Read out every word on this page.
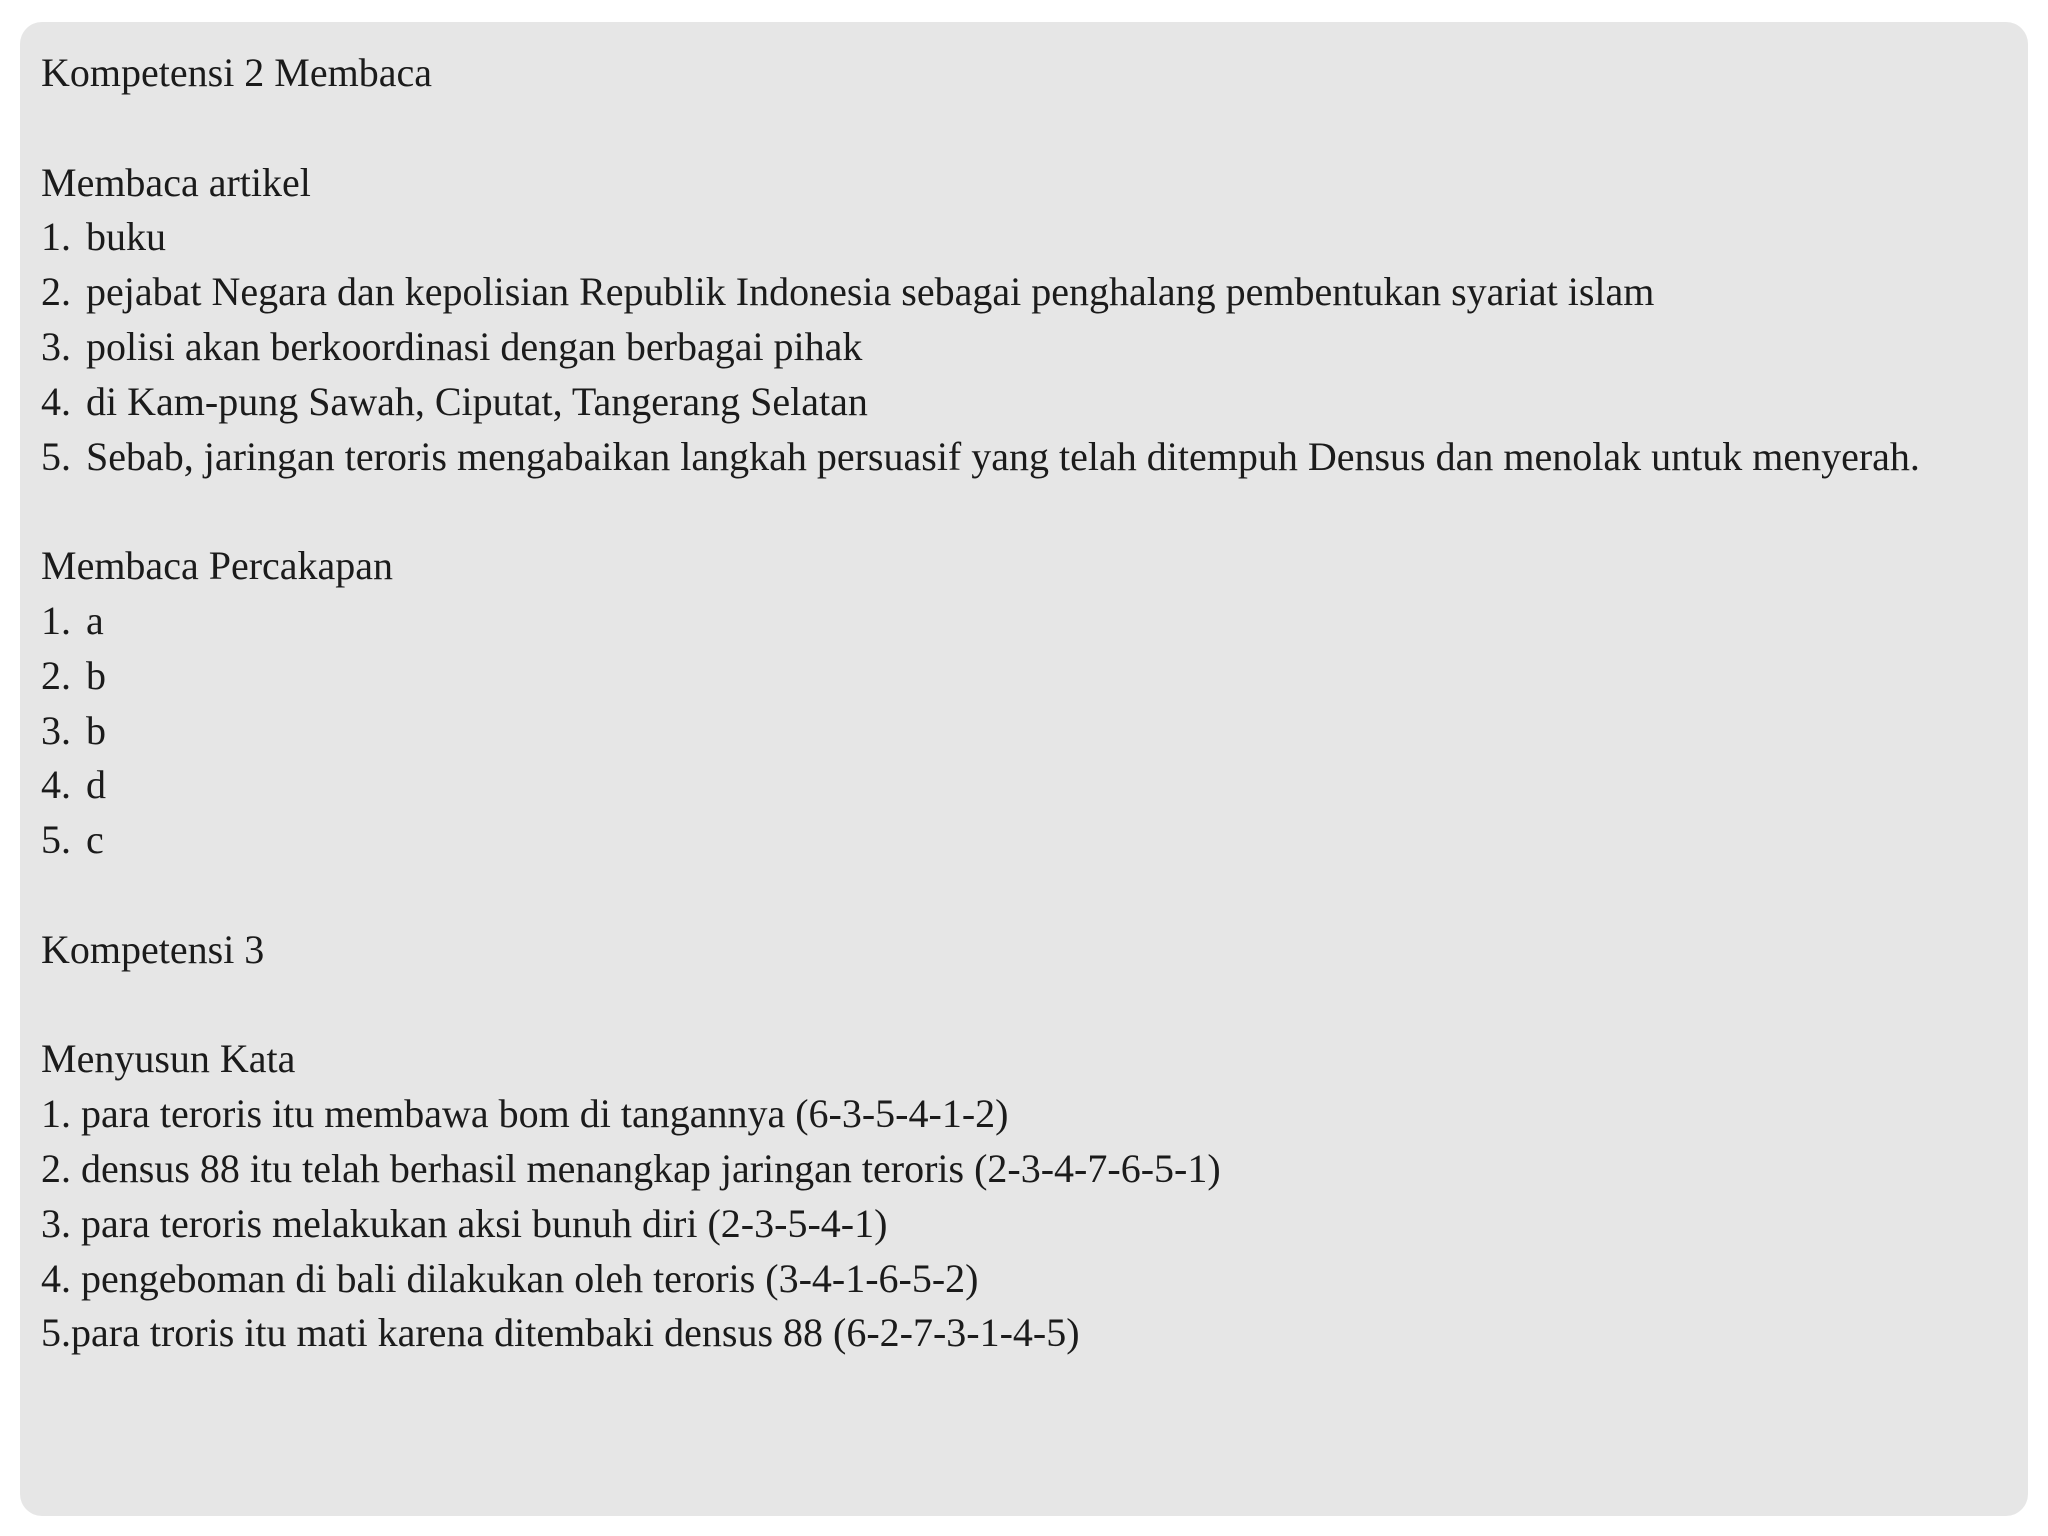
Kompetensi 2 Membaca

Membaca artikel

1. buku
2. pejabat Negara dan kepolisian Republik Indonesia sebagai penghalang pembentukan syariat islam
3. polisi akan berkoordinasi dengan berbagai pihak
4. di Kam-pung Sawah, Ciputat, Tangerang Selatan
5. Sebab, jaringan teroris mengabaikan langkah persuasif yang telah ditempuh Densus dan menolak untuk menyerah.

Membaca Percakapan

1. a
2. b
3. b
4. d
5. c

Kompetensi 3

Menyusun Kata

1. para teroris itu membawa bom di tangannya (6-3-5-4-1-2)

2. densus 88 itu telah berhasil menangkap jaringan teroris (2-3-4-7-6-5-1)

3. para teroris melakukan aksi bunuh diri (2-3-5-4-1)

4. pengeboman di bali dilakukan oleh teroris (3-4-1-6-5-2)

5.para troris itu mati karena ditembaki densus 88 (6-2-7-3-1-4-5)
